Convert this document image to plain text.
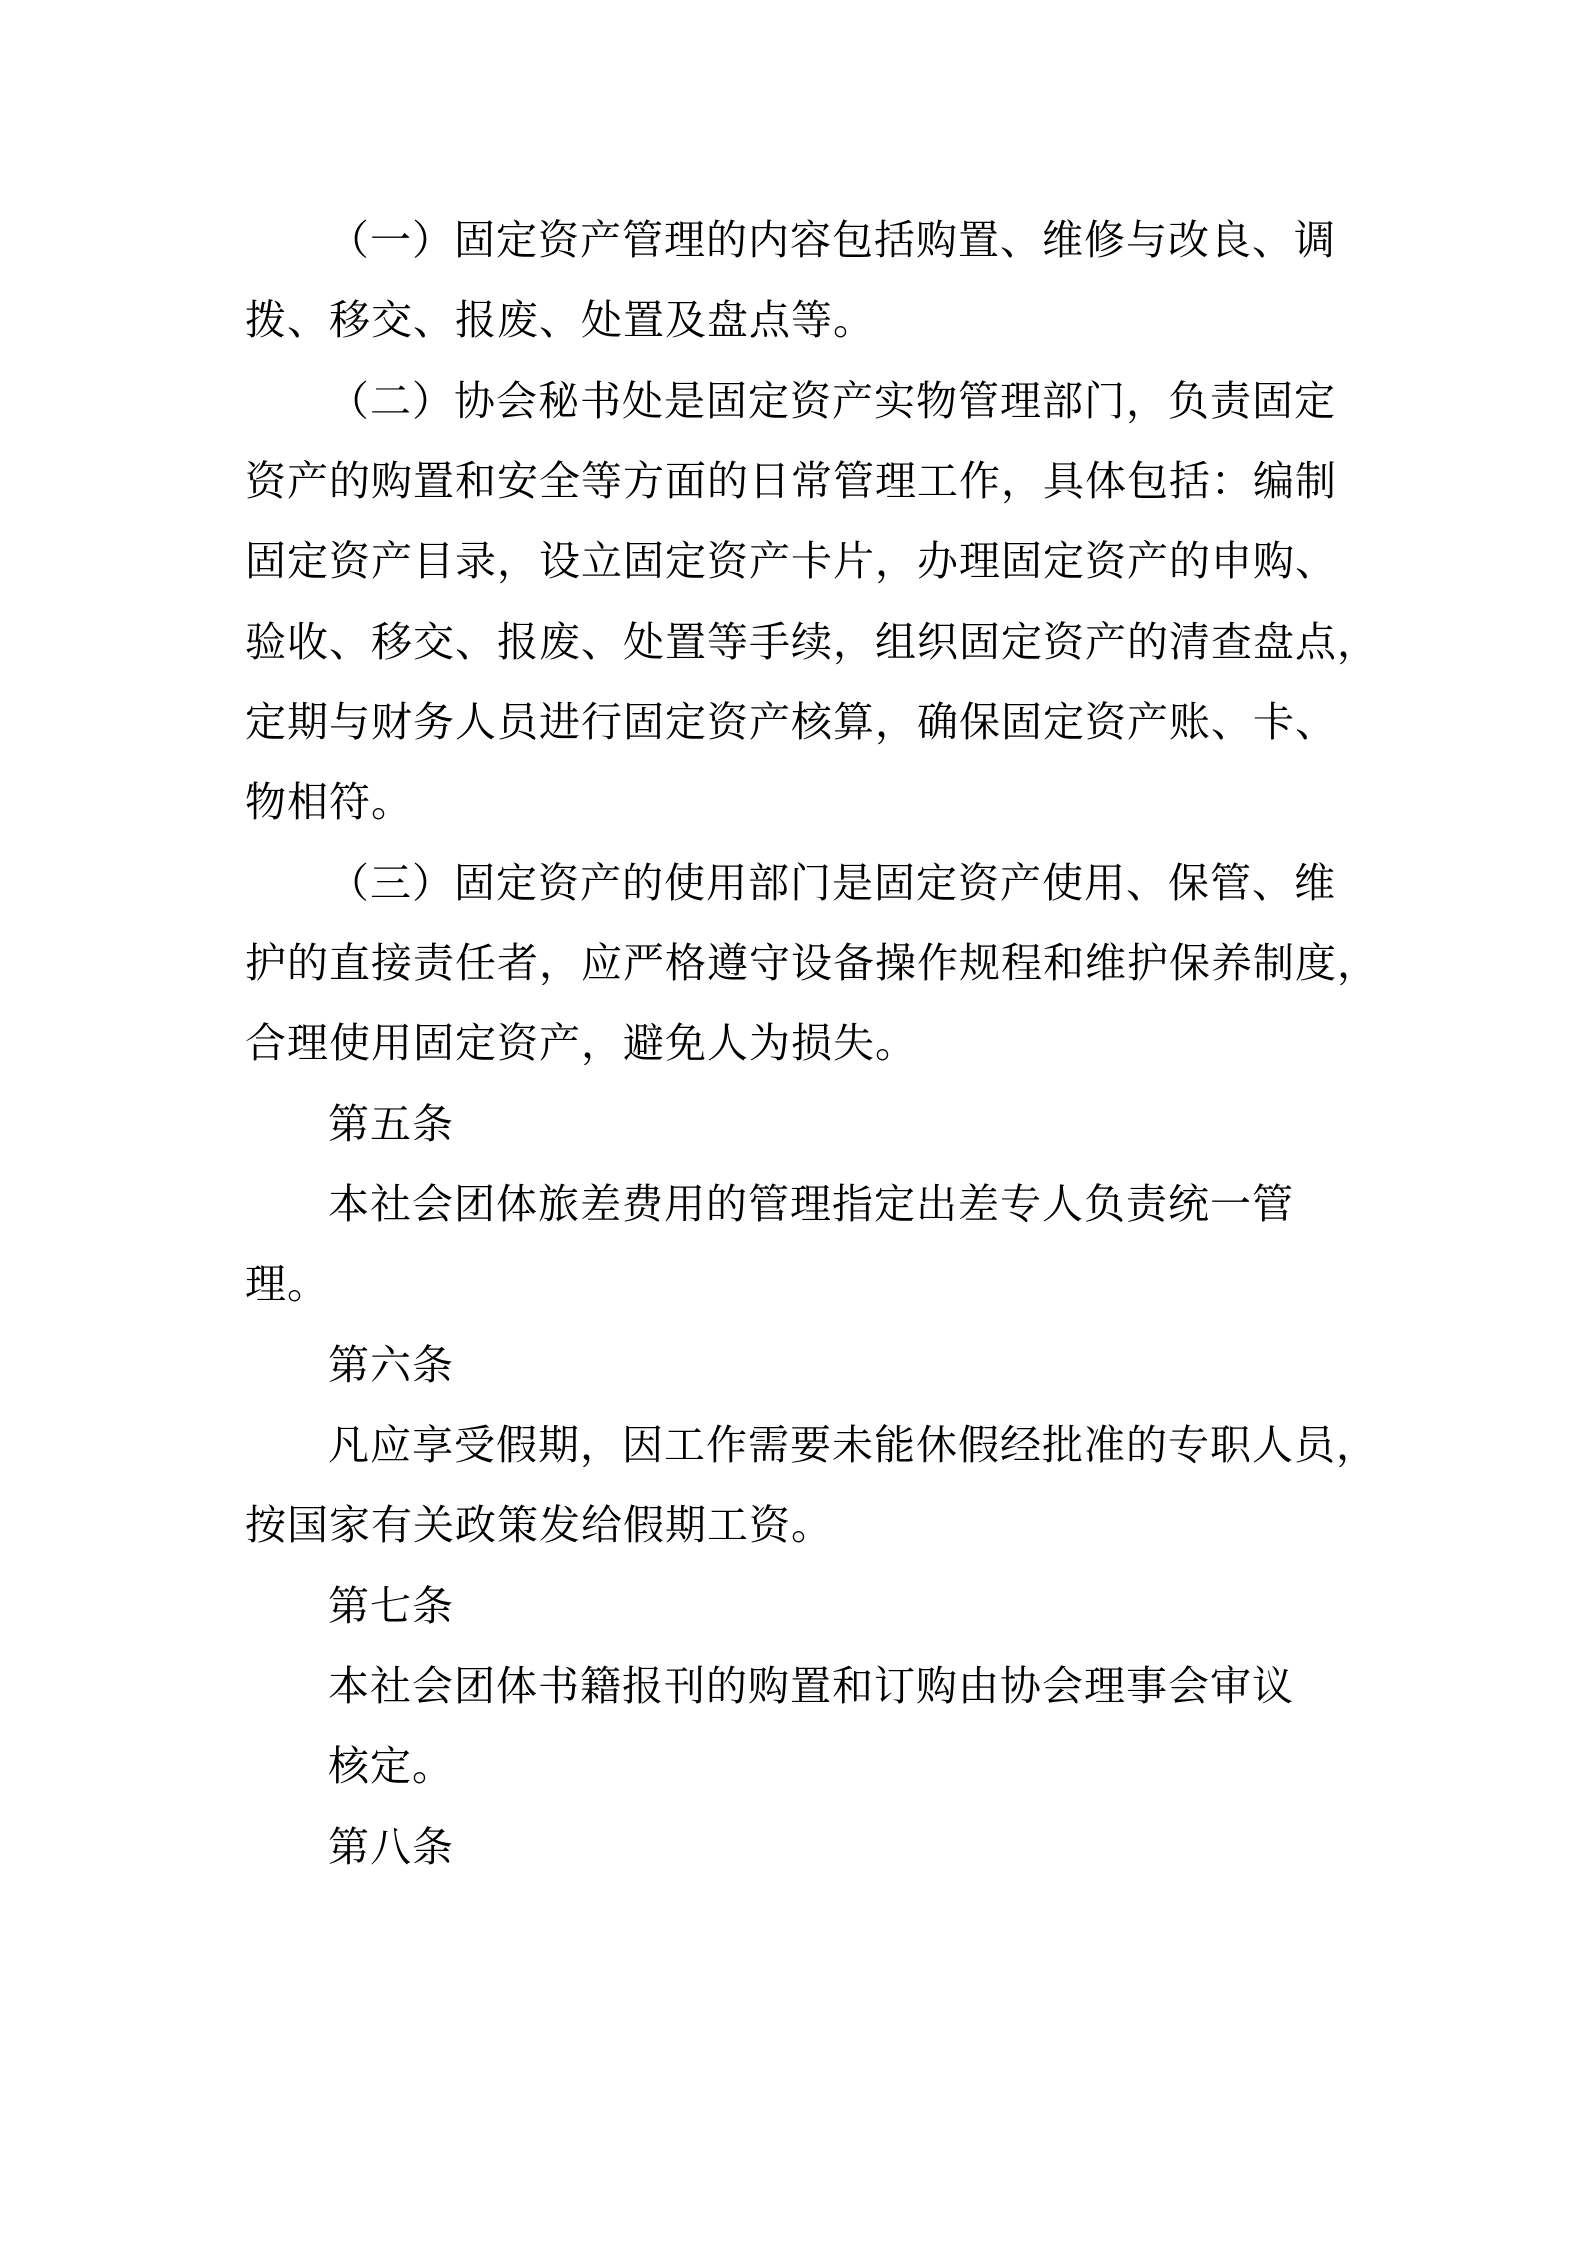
（一）固定资产管理的内容包括购置、维修与改良、调

拨、移交、报废、处置及盘点等。

（二）协会秘书处是固定资产实物管理部门，负责固定

资产的购置和安全等方面的日常管理工作，具体包括：编制

固定资产目录，设立固定资产卡片，办理固定资产的申购、

验收、移交、报废、处置等手续，组织固定资产的清查盘点，

定期与财务人员进行固定资产核算，确保固定资产账、卡、

物相符。

（三）固定资产的使用部门是固定资产使用、保管、维

护的直接责任者，应严格遵守设备操作规程和维护保养制度，

合理使用固定资产，避免人为损失。

第五条

本社会团体旅差费用的管理指定出差专人负责统一管

理。

第六条

凡应享受假期，因工作需要未能休假经批准的专职人员，

按国家有关政策发给假期工资。

第七条

本社会团体书籍报刊的购置和订购由协会理事会审议

核定。

第八条
